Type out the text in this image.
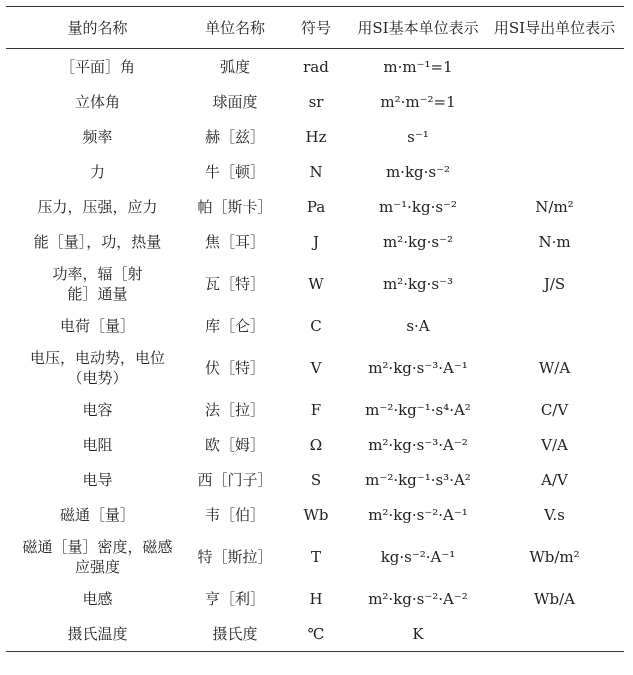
量的名称	单位名称	符号	用SI基本单位表示	用SI导出单位表示
［平面］角	弧度	rad	m·m⁻¹=1	
立体角	球面度	sr	m²·m⁻²=1	
频率	赫［兹］	Hz	s⁻¹	
力	牛［顿］	N	m·kg·s⁻²	
压力，压强，应力	帕［斯卡］	Pa	m⁻¹·kg·s⁻²	N/m²
能［量］，功，热量	焦［耳］	J	m²·kg·s⁻²	N·m
功率，辐［射能］通量	瓦［特］	W	m²·kg·s⁻³	J/S
电荷［量］	库［仑］	C	s·A	
电压，电动势，电位（电势）	伏［特］	V	m²·kg·s⁻³·A⁻¹	W/A
电容	法［拉］	F	m⁻²·kg⁻¹·s⁴·A²	C/V
电阻	欧［姆］	Ω	m²·kg·s⁻³·A⁻²	V/A
电导	西［门子］	S	m⁻²·kg⁻¹·s³·A²	A/V
磁通［量］	韦［伯］	Wb	m²·kg·s⁻²·A⁻¹	V.s
磁通［量］密度，磁感应强度	特［斯拉］	T	kg·s⁻²·A⁻¹	Wb/m²
电感	亨［利］	H	m²·kg·s⁻²·A⁻²	Wb/A
摄氏温度	摄氏度	℃	K	
